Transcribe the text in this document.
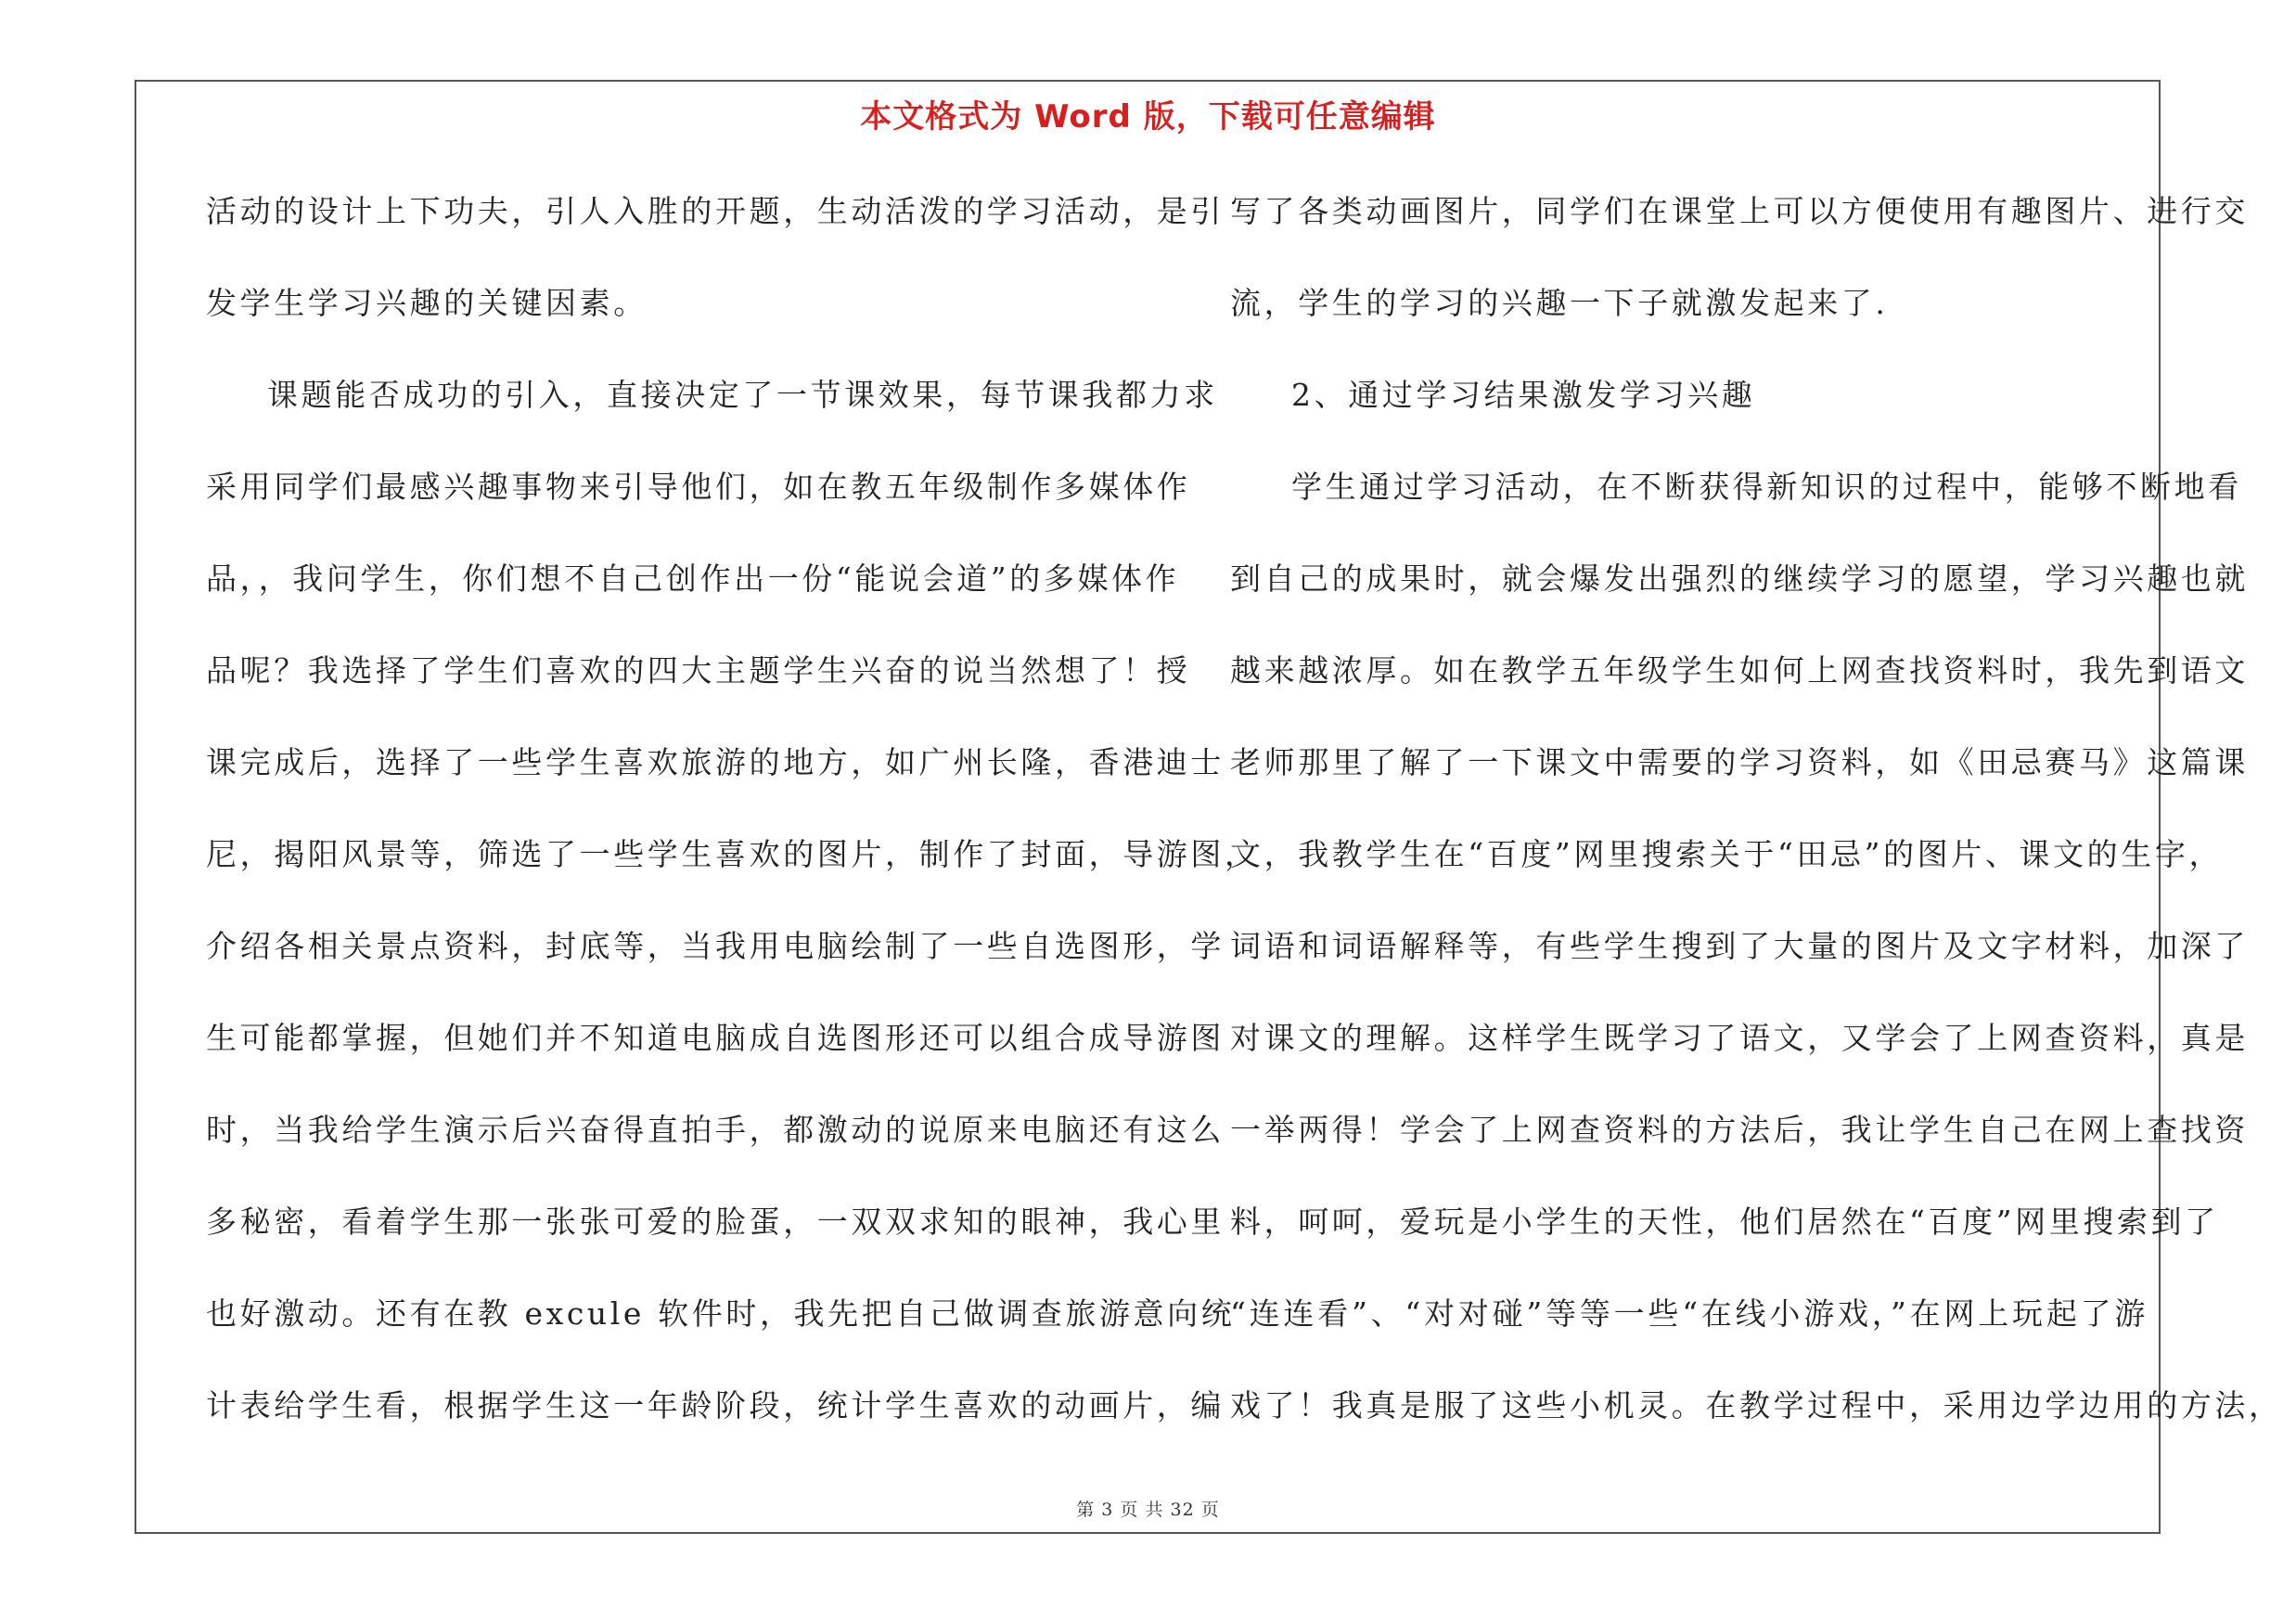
本文格式为 Word 版，下载可任意编辑
活动的设计上下功夫，引人入胜的开题，生动活泼的学习活动，是引
发学生学习兴趣的关键因素。
课题能否成功的引入，直接决定了一节课效果，每节课我都力求
采用同学们最感兴趣事物来引导他们，如在教五年级制作多媒体作
品，，我问学生，你们想不自己创作出一份“能说会道”的多媒体作
品呢？我选择了学生们喜欢的四大主题学生兴奋的说当然想了！授
课完成后，选择了一些学生喜欢旅游的地方，如广州长隆，香港迪士
尼，揭阳风景等，筛选了一些学生喜欢的图片，制作了封面，导游图，
介绍各相关景点资料，封底等，当我用电脑绘制了一些自选图形，学
生可能都掌握，但她们并不知道电脑成自选图形还可以组合成导游图
时，当我给学生演示后兴奋得直拍手，都激动的说原来电脑还有这么
多秘密，看着学生那一张张可爱的脸蛋，一双双求知的眼神，我心里
也好激动。还有在教 excule 软件时，我先把自己做调查旅游意向统
计表给学生看，根据学生这一年龄阶段，统计学生喜欢的动画片，编
写了各类动画图片，同学们在课堂上可以方便使用有趣图片、进行交
流，学生的学习的兴趣一下子就激发起来了.
2、通过学习结果激发学习兴趣
学生通过学习活动，在不断获得新知识的过程中，能够不断地看
到自己的成果时，就会爆发出强烈的继续学习的愿望，学习兴趣也就
越来越浓厚。如在教学五年级学生如何上网查找资料时，我先到语文
老师那里了解了一下课文中需要的学习资料，如《田忌赛马》这篇课
文，我教学生在“百度”网里搜索关于“田忌”的图片、课文的生字，
词语和词语解释等，有些学生搜到了大量的图片及文字材料，加深了
对课文的理解。这样学生既学习了语文，又学会了上网查资料，真是
一举两得！学会了上网查资料的方法后，我让学生自己在网上查找资
料，呵呵，爱玩是小学生的天性，他们居然在“百度”网里搜索到了
“连连看”、“对对碰”等等一些“在线小游戏，”在网上玩起了游
戏了！我真是服了这些小机灵。在教学过程中，采用边学边用的方法，
第 3 页 共 32 页
